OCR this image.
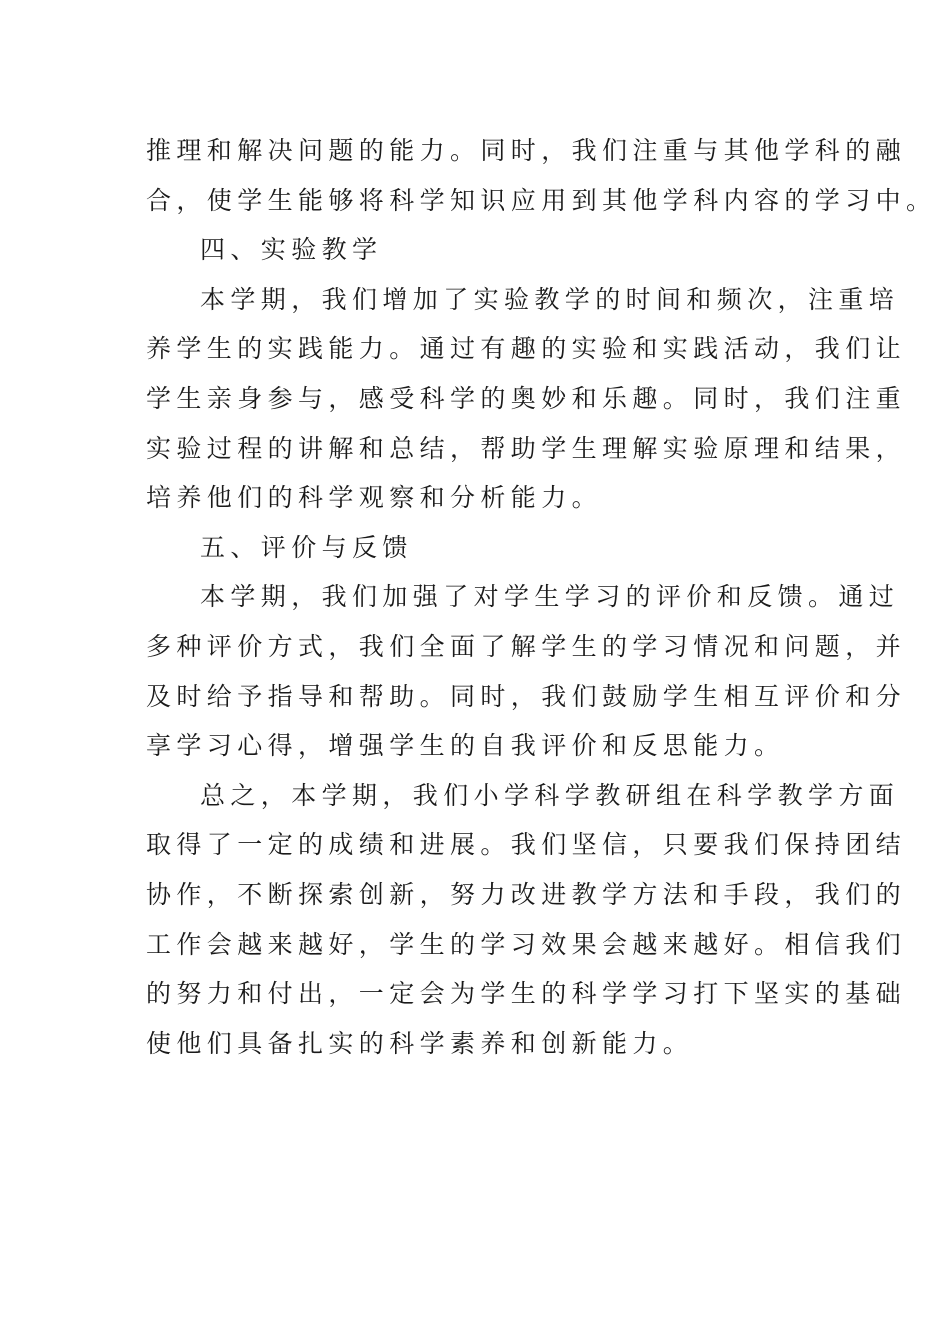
推理和解决问题的能力。同时，我们注重与其他学科的融
合，使学生能够将科学知识应用到其他学科内容的学习中。
四、实验教学
本学期，我们增加了实验教学的时间和频次，注重培
养学生的实践能力。通过有趣的实验和实践活动，我们让
学生亲身参与，感受科学的奥妙和乐趣。同时，我们注重
实验过程的讲解和总结，帮助学生理解实验原理和结果，
培养他们的科学观察和分析能力。
五、评价与反馈
本学期，我们加强了对学生学习的评价和反馈。通过
多种评价方式，我们全面了解学生的学习情况和问题，并
及时给予指导和帮助。同时，我们鼓励学生相互评价和分
享学习心得，增强学生的自我评价和反思能力。
总之，本学期，我们小学科学教研组在科学教学方面
取得了一定的成绩和进展。我们坚信，只要我们保持团结
协作，不断探索创新，努力改进教学方法和手段，我们的
工作会越来越好，学生的学习效果会越来越好。相信我们
的努力和付出，一定会为学生的科学学习打下坚实的基础
使他们具备扎实的科学素养和创新能力。
